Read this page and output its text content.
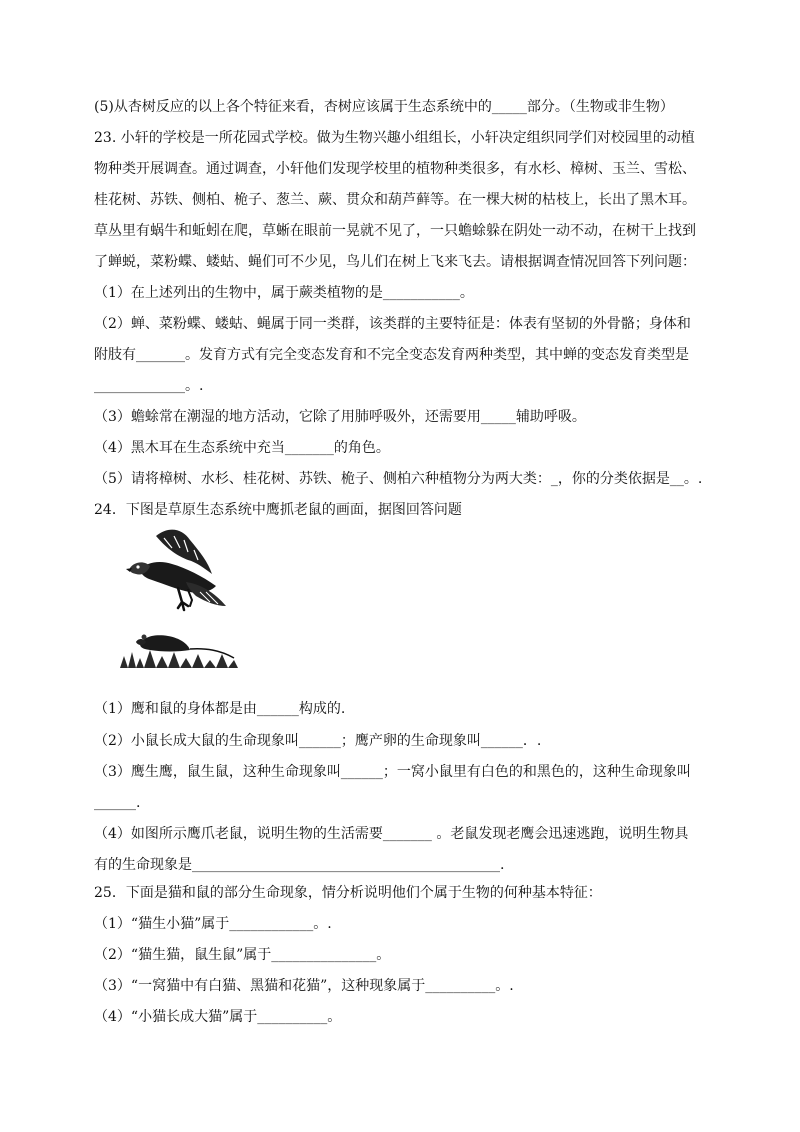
(5)从杏树反应的以上各个特征来看，杏树应该属于生态系统中的_____部分。（生物或非生物）
23. 小轩的学校是一所花园式学校。做为生物兴趣小组组长，小轩决定组织同学们对校园里的动植
物种类开展调查。通过调查，小轩他们发现学校里的植物种类很多，有水杉、樟树、玉兰、雪松、
桂花树、苏铁、侧柏、桅子、葱兰、蕨、贯众和葫芦藓等。在一棵大树的枯枝上，长出了黑木耳。
草丛里有蜗牛和蚯蚓在爬，草蜥在眼前一晃就不见了，一只蟾蜍躲在阴处一动不动，在树干上找到
了蝉蜕，菜粉蝶、蝼蛄、蝇们可不少见，鸟儿们在树上飞来飞去。请根据调查情况回答下列问题：
（1）在上述列出的生物中，属于蕨类植物的是___________。
（2）蝉、菜粉蝶、蝼蛄、蝇属于同一类群，该类群的主要特征是：体表有坚韧的外骨骼；身体和
附肢有_______。发育方式有完全变态发育和不完全变态发育两种类型，其中蝉的变态发育类型是
_____________。.
（3）蟾蜍常在潮湿的地方活动，它除了用肺呼吸外，还需要用_____辅助呼吸。
（4）黑木耳在生态系统中充当_______的角色。
（5）请将樟树、水杉、桂花树、苏铁、桅子、侧柏六种植物分为两大类：_，你的分类依据是__。.
24．下图是草原生态系统中鹰抓老鼠的画面，据图回答问题
（1）鹰和鼠的身体都是由______构成的.
（2）小鼠长成大鼠的生命现象叫______；鹰产卵的生命现象叫______．.
（3）鹰生鹰，鼠生鼠，这种生命现象叫______；一窝小鼠里有白色的和黑色的，这种生命现象叫
______.
（4）如图所示鹰爪老鼠，说明生物的生活需要_______ 。老鼠发现老鹰会迅速逃跑，说明生物具
有的生命现象是____________________________________________.
25．下面是猫和鼠的部分生命现象，情分析说明他们个属于生物的何种基本特征：
（1）“猫生小猫”属于____________。.
（2）“猫生猫，鼠生鼠”属于_______________。
（3）“一窝猫中有白猫、黑猫和花猫”，这种现象属于__________。.
（4）“小猫长成大猫”属于__________。
